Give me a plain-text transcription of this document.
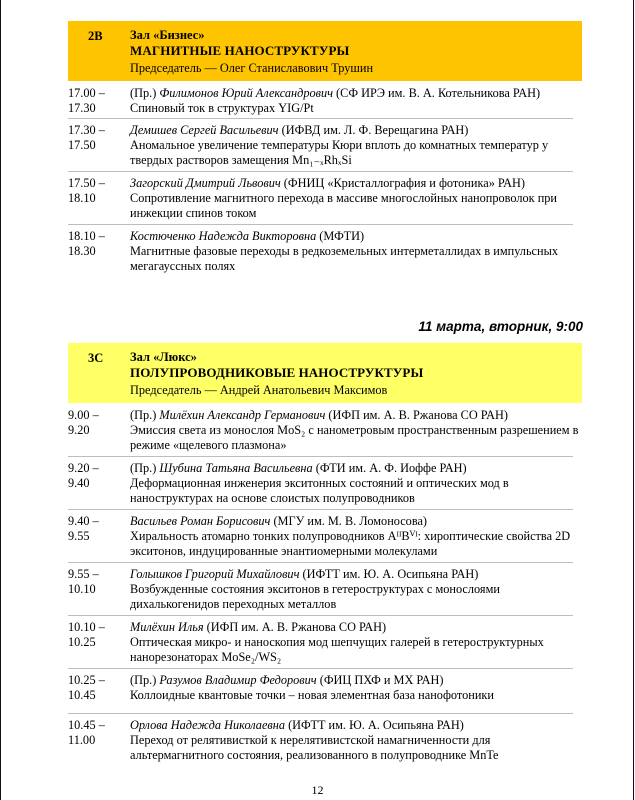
2B Зал «Бизнес»
МАГНИТНЫЕ НАНОСТРУКТУРЫ
Председатель — Олег Станиславович Трушин
17.00 –
17.30
(Пр.) Филимонов Юрий Александрович (СФ ИРЭ им. В. А. Котельникова РАН)
Спиновый ток в структурах YIG/Pt
17.30 –
17.50
Демишев Сергей Васильевич (ИФВД им. Л. Ф. Верещагина РАН)
Аномальное увеличение температуры Кюри вплоть до комнатных температур у твердых растворов замещения Mn₁₋ₓRhₓSi
17.50 –
18.10
Загорский Дмитрий Львович (ФНИЦ «Кристаллография и фотоника» РАН)
Сопротивление магнитного перехода в массиве многослойных нанопроволок при инжекции спинов током
18.10 –
18.30
Костюченко Надежда Викторовна (МФТИ)
Магнитные фазовые переходы в редкоземельных интерметаллидах в импульсных мегагауссных полях
11 марта, вторник, 9:00
3C Зал «Люкс»
ПОЛУПРОВОДНИКОВЫЕ НАНОСТРУКТУРЫ
Председатель — Андрей Анатольевич Максимов
9.00 –
9.20
(Пр.) Милёхин Александр Германович (ИФП им. А. В. Ржанова СО РАН)
Эмиссия света из монослоя MoS₂ с нанометровым пространственным разрешением в режиме «щелевого плазмона»
9.20 –
9.40
(Пр.) Шубина Татьяна Васильевна (ФТИ им. А. Ф. Иоффе РАН)
Деформационная инженерия экситонных состояний и оптических мод в наноструктурах на основе слоистых полупроводников
9.40 –
9.55
Васильев Роман Борисович (МГУ им. М. В. Ломоносова)
Хиральность атомарно тонких полупроводников AᴵᴵBⱽᴵ: хироптические свойства 2D экситонов, индуцированные энантиомерными молекулами
9.55 –
10.10
Голышков Григорий Михайлович (ИФТТ им. Ю. А. Осипьяна РАН)
Возбужденные состояния экситонов в гетероструктурах с монослоями дихалькогенидов переходных металлов
10.10 –
10.25
Милёхин Илья (ИФП им. А. В. Ржанова СО РАН)
Оптическая микро- и наноскопия мод шепчущих галерей в гетероструктурных нанорезонаторах MoSe₂/WS₂
10.25 –
10.45
(Пр.) Разумов Владимир Федорович (ФИЦ ПХФ и МХ РАН)
Коллоидные квантовые точки – новая элементная база нанофотоники
10.45 –
11.00
Орлова Надежда Николаевна (ИФТТ им. Ю. А. Осипьяна РАН)
Переход от релятивисткой к нерелятивистской намагниченности для альтермагнитного состояния, реализованного в полупроводнике MnTe
12
